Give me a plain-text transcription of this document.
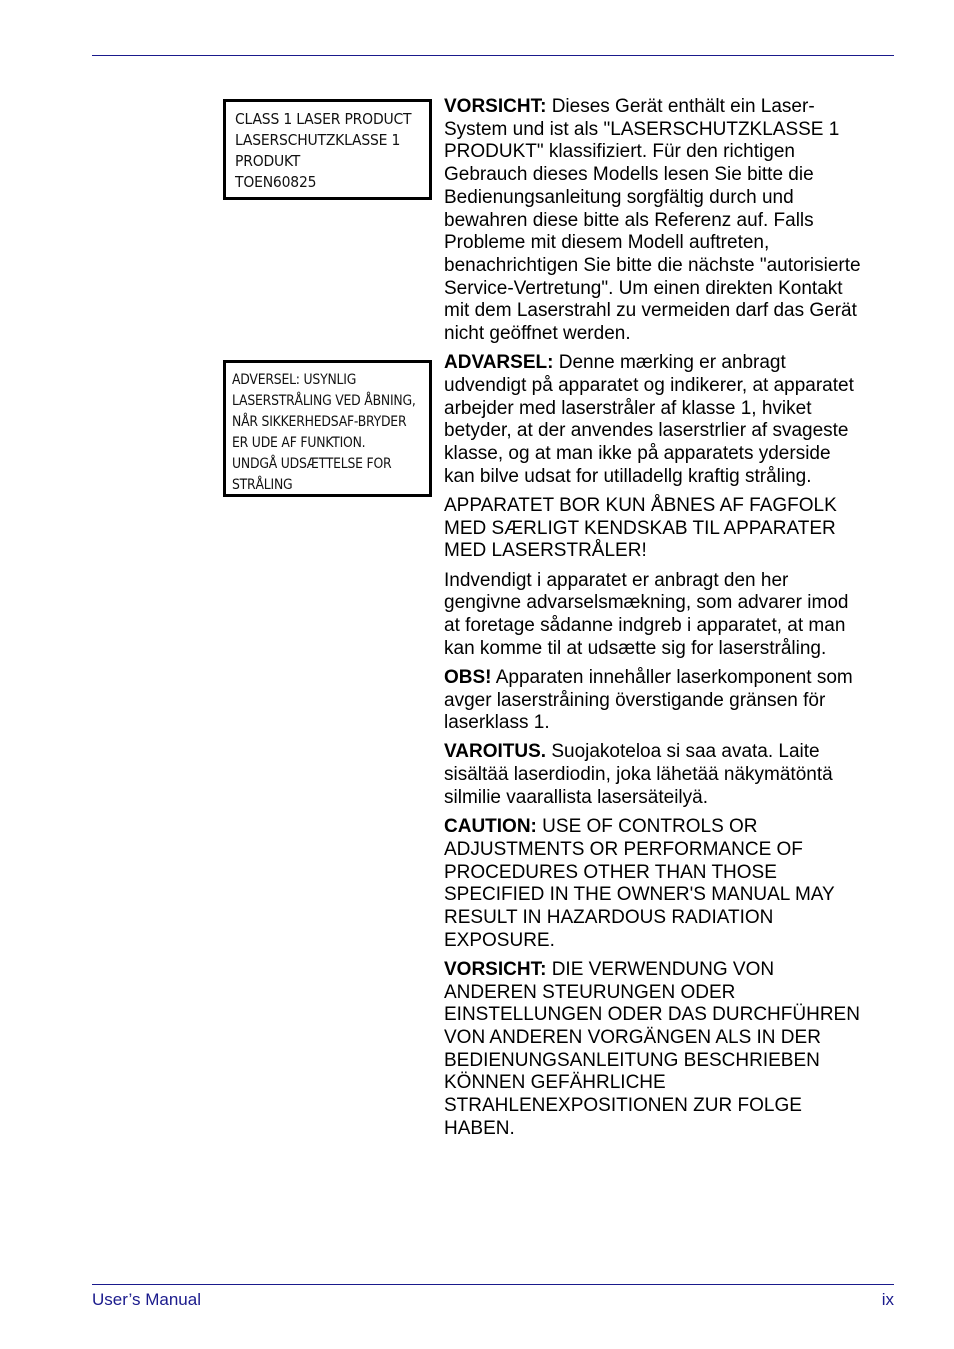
CLASS 1 LASER PRODUCT
LASERSCHUTZKLASSE 1
PRODUKT
TOEN60825
ADVERSEL: USYNLIG
LASERSTRÅLING VED ÅBNING,
NÅR SIKKERHEDSAF-BRYDER
ER UDE AF FUNKTION.
UNDGÅ UDSÆTTELSE FOR
STRÅLING

VORSICHT: Dieses Gerät enthält ein Laser-
System und ist als "LASERSCHUTZKLASSE 1
PRODUKT" klassifiziert. Für den richtigen
Gebrauch dieses Modells lesen Sie bitte die
Bedienungsanleitung sorgfältig durch und
bewahren diese bitte als Referenz auf. Falls
Probleme mit diesem Modell auftreten,
benachrichtigen Sie bitte die nächste "autorisierte
Service-Vertretung". Um einen direkten Kontakt
mit dem Laserstrahl zu vermeiden darf das Gerät
nicht geöffnet werden.

ADVARSEL: Denne mærking er anbragt
udvendigt på apparatet og indikerer, at apparatet
arbejder med laserstråler af klasse 1, hviket
betyder, at der anvendes laserstrlier af svageste
klasse, og at man ikke på apparatets yderside
kan bilve udsat for utilladellg kraftig stråling.

APPARATET BOR KUN ÅBNES AF FAGFOLK
MED SÆRLIGT KENDSKAB TIL APPARATER
MED LASERSTRÅLER!

Indvendigt i apparatet er anbragt den her
gengivne advarselsmækning, som advarer imod
at foretage sådanne indgreb i apparatet, at man
kan komme til at udsætte sig for laserstråling.

OBS! Apparaten innehåller laserkomponent som
avger laserstråining överstigande gränsen för
laserklass 1.

VAROITUS. Suojakoteloa si saa avata. Laite
sisältää laserdiodin, joka lähetää näkymätöntä
silmilie vaarallista lasersäteilyä.

CAUTION: USE OF CONTROLS OR
ADJUSTMENTS OR PERFORMANCE OF
PROCEDURES OTHER THAN THOSE
SPECIFIED IN THE OWNER'S MANUAL MAY
RESULT IN HAZARDOUS RADIATION
EXPOSURE.

VORSICHT: DIE VERWENDUNG VON
ANDEREN STEURUNGEN ODER
EINSTELLUNGEN ODER DAS DURCHFÜHREN
VON ANDEREN VORGÄNGEN ALS IN DER
BEDIENUNGSANLEITUNG BESCHRIEBEN
KÖNNEN GEFÄHRLICHE
STRAHLENEXPOSITIONEN ZUR FOLGE
HABEN.

User’s Manual	ix
